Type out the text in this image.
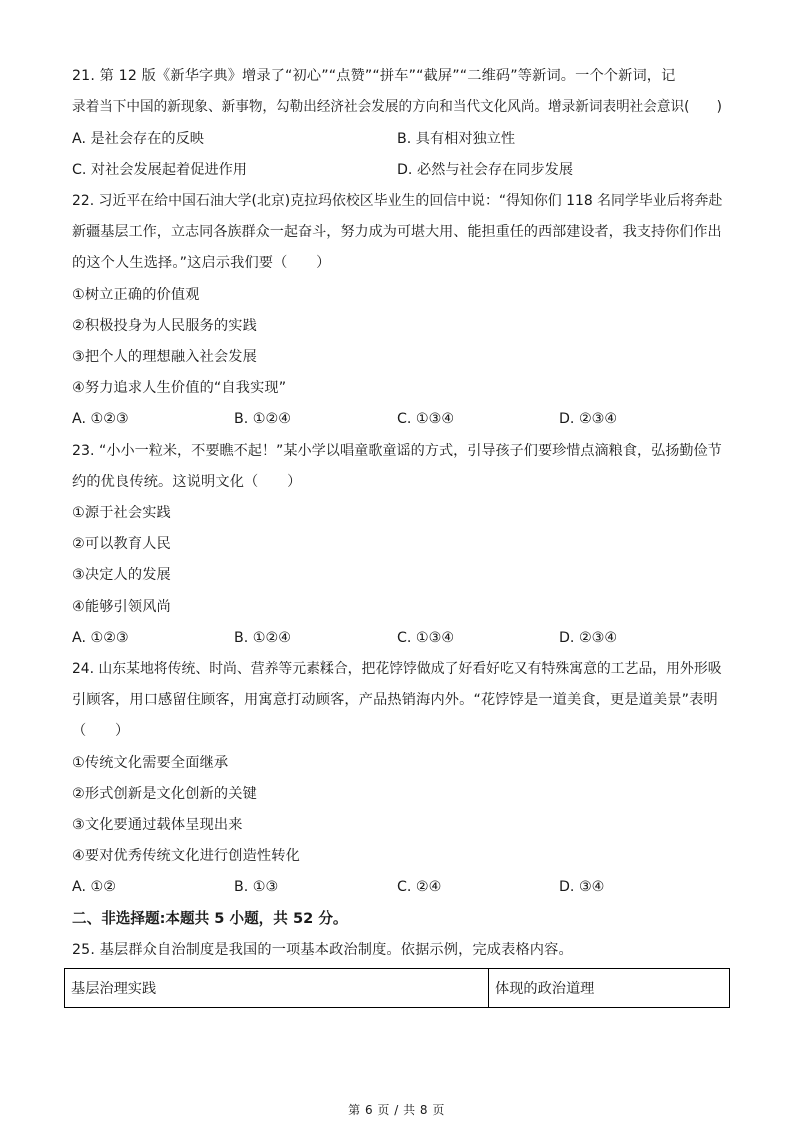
21. 第 12 版《新华字典》增录了“初心”“点赞”“拼车”“截屏”“二维码”等新词。一个个新词，记
录着当下中国的新现象、新事物，勾勒出经济社会发展的方向和当代文化风尚。增录新词表明社会意识(　　)
A. 是社会存在的反映	B. 具有相对独立性
C. 对社会发展起着促进作用	D. 必然与社会存在同步发展
22. 习近平在给中国石油大学(北京)克拉玛依校区毕业生的回信中说：“得知你们 118 名同学毕业后将奔赴
新疆基层工作，立志同各族群众一起奋斗，努力成为可堪大用、能担重任的西部建设者，我支持你们作出
的这个人生选择。”这启示我们要（　　）
①树立正确的价值观
②积极投身为人民服务的实践
③把个人的理想融入社会发展
④努力追求人生价值的“自我实现”
A. ①②③	B. ①②④	C. ①③④	D. ②③④
23. “小小一粒米，不要瞧不起！”某小学以唱童歌童谣的方式，引导孩子们要珍惜点滴粮食，弘扬勤俭节
约的优良传统。这说明文化（　　）
①源于社会实践
②可以教育人民
③决定人的发展
④能够引领风尚
A. ①②③	B. ①②④	C. ①③④	D. ②③④
24. 山东某地将传统、时尚、营养等元素糅合，把花饽饽做成了好看好吃又有特殊寓意的工艺品，用外形吸
引顾客，用口感留住顾客，用寓意打动顾客，产品热销海内外。“花饽饽是一道美食，更是道美景”表明
（　　）
①传统文化需要全面继承
②形式创新是文化创新的关键
③文化要通过载体呈现出来
④要对优秀传统文化进行创造性转化
A. ①②	B. ①③	C. ②④	D. ③④
二、非选择题:本题共 5 小题，共 52 分。
25. 基层群众自治制度是我国的一项基本政治制度。依据示例，完成表格内容。
基层治理实践	体现的政治道理
第 6 页 / 共 8 页
